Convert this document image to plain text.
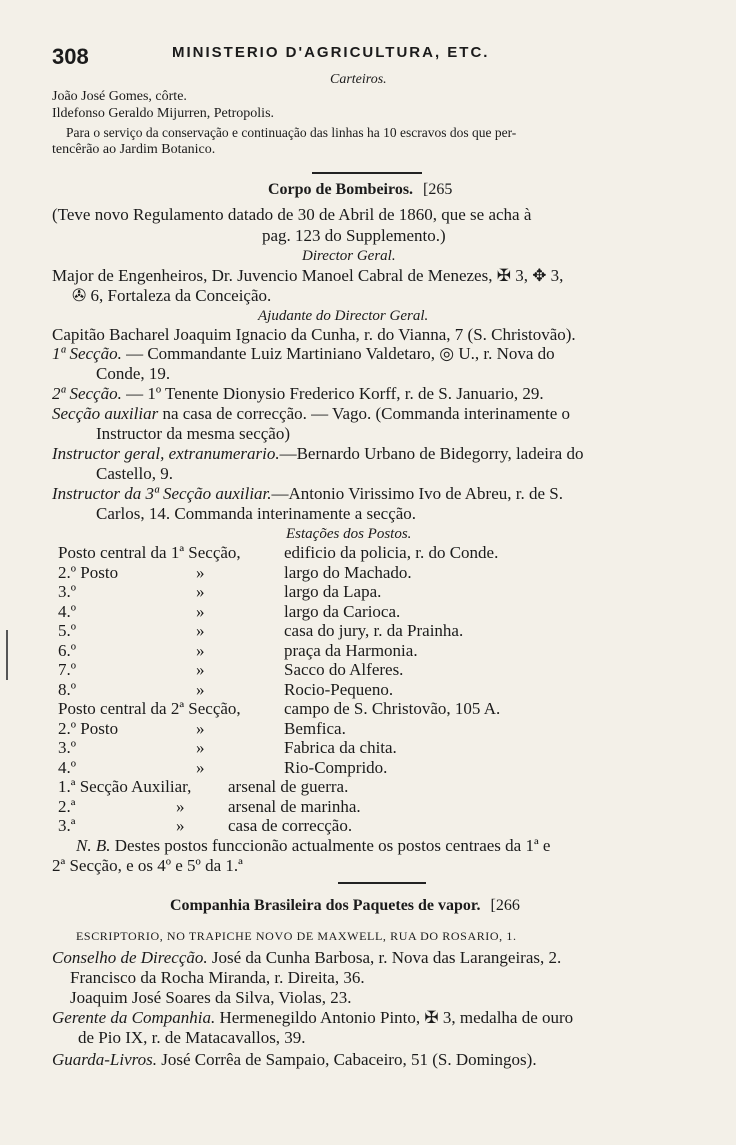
308	MINISTERIO D'AGRICULTURA, ETC.
Carteiros.
João José Gomes, côrte.
Ildefonso Geraldo Mijurren, Petropolis.
Para o serviço da conservação e continuação das linhas ha 10 escravos dos que per-
tencêrão ao Jardim Botanico.
Corpo de Bombeiros. [265
(Teve novo Regulamento datado de 30 de Abril de 1860, que se acha à
pag. 123 do Supplemento.)
Director Geral.
Major de Engenheiros, Dr. Juvencio Manoel Cabral de Menezes, ✠ 3, ✥ 3,
✇ 6, Fortaleza da Conceição.
Ajudante do Director Geral.
Capitão Bacharel Joaquim Ignacio da Cunha, r. do Vianna, 7 (S. Christovão).
1ª Secção. — Commandante Luiz Martiniano Valdetaro, ◎ U., r. Nova do
Conde, 19.
2ª Secção. — 1º Tenente Dionysio Frederico Korff, r. de S. Januario, 29.
Secção auxiliar na casa de correcção. — Vago. (Commanda interinamente o
Instructor da mesma secção)
Instructor geral, extranumerario.—Bernardo Urbano de Bidegorry, ladeira do
Castello, 9.
Instructor da 3ª Secção auxiliar.—Antonio Virissimo Ivo de Abreu, r. de S.
Carlos, 14. Commanda interinamente a secção.
Estações dos Postos.
Posto central da 1ª Secção,	edificio da policia, r. do Conde.
2.º Posto	»	largo do Machado.
3.º	»	largo da Lapa.
4.º	»	largo da Carioca.
5.º	»	casa do jury, r. da Prainha.
6.º	»	praça da Harmonia.
7.º	»	Sacco do Alferes.
8.º	»	Rocio-Pequeno.
Posto central da 2ª Secção,	campo de S. Christovão, 105 A.
2.º Posto	»	Bemfica.
3.º	»	Fabrica da chita.
4.º	»	Rio-Comprido.
1.ª Secção Auxiliar, arsenal de guerra.
2.ª	»	arsenal de marinha.
3.ª	»	casa de correcção.
N. B. Destes postos funccionão actualmente os postos centraes da 1ª e
2ª Secção, e os 4º e 5º da 1.ª
Companhia Brasileira dos Paquetes de vapor. [266
ESCRIPTORIO, NO TRAPICHE NOVO DE MAXWELL, RUA DO ROSARIO, 1.
Conselho de Direcção. José da Cunha Barbosa, r. Nova das Larangeiras, 2.
Francisco da Rocha Miranda, r. Direita, 36.
Joaquim José Soares da Silva, Violas, 23.
Gerente da Companhia. Hermenegildo Antonio Pinto, ✠ 3, medalha de ouro
de Pio IX, r. de Matacavallos, 39.
Guarda-Livros. José Corrêa de Sampaio, Cabaceiro, 51 (S. Domingos).
